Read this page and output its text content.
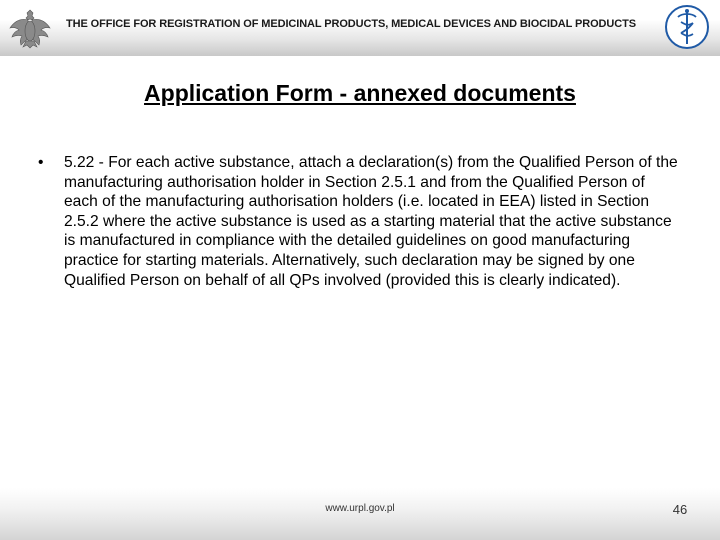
THE OFFICE FOR REGISTRATION OF MEDICINAL PRODUCTS, MEDICAL DEVICES AND BIOCIDAL PRODUCTS
Application Form - annexed documents
• 5.22 - For each active substance, attach a declaration(s) from the Qualified Person of the manufacturing authorisation holder in Section 2.5.1 and from the Qualified Person of each of the manufacturing authorisation holders (i.e. located in EEA) listed in Section 2.5.2 where the active substance is used as a starting material that the active substance is manufactured in compliance with the detailed guidelines on good manufacturing practice for starting materials. Alternatively, such declaration may be signed by one Qualified Person on behalf of all QPs involved (provided this is clearly indicated).
www.urpl.gov.pl	46
